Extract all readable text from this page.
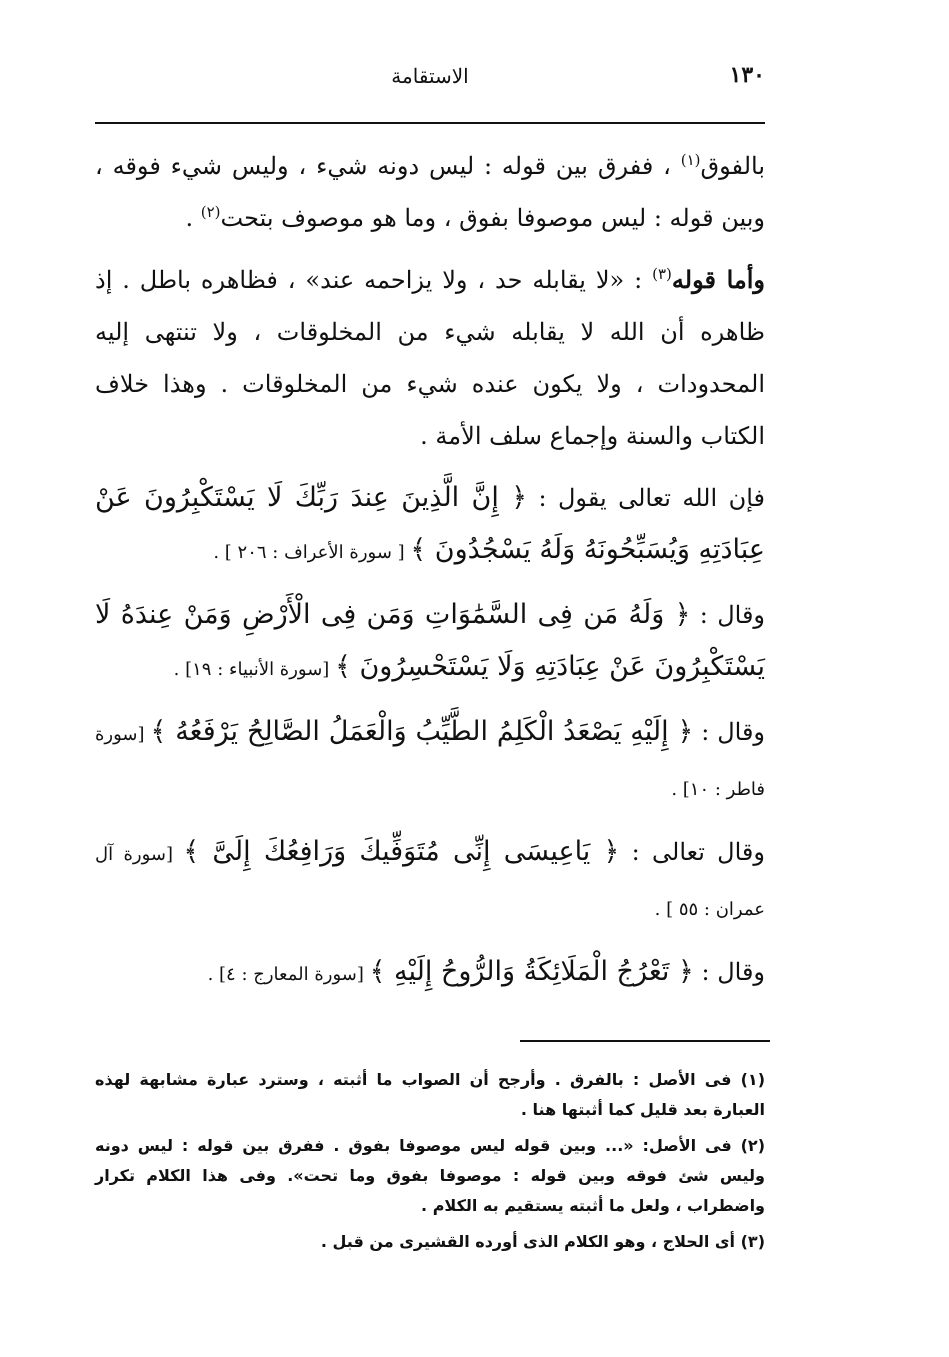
١٣٠
الاستقامة

بالفوق$^{(١)}$ ، ففرق بين قوله : ليس دونه شيء ، وليس شيء فوقه ، وبين قوله : ليس موصوفا بفوق ، وما هو موصوف بتحت$^{(٢)}$ .

وأما قوله$^{(٣)}$ : «لا يقابله حد ، ولا يزاحمه عند» ، فظاهره باطل . إذ ظاهره أن الله لا يقابله شيء من المخلوقات ، ولا تنتهى إليه المحدودات ، ولا يكون عنده شيء من المخلوقات . وهذا خلاف الكتاب والسنة وإجماع سلف الأمة .

فإن الله تعالى يقول : ﴿ إِنَّ الَّذِينَ عِندَ رَبِّكَ لَا يَسْتَكْبِرُونَ عَنْ عِبَادَتِهِ وَيُسَبِّحُونَهُ وَلَهُ يَسْجُدُونَ ﴾ [ سورة الأعراف : ٢٠٦ ] .

وقال : ﴿ وَلَهُ مَن فِى السَّمَٰوَاتِ وَمَن فِى الْأَرْضِ وَمَنْ عِندَهُ لَا يَسْتَكْبِرُونَ عَنْ عِبَادَتِهِ وَلَا يَسْتَحْسِرُونَ ﴾ [سورة الأنبياء : ١٩] .

وقال : ﴿ إِلَيْهِ يَصْعَدُ الْكَلِمُ الطَّيِّبُ وَالْعَمَلُ الصَّالِحُ يَرْفَعُهُ ﴾ [سورة فاطر : ١٠] .

وقال تعالى : ﴿ يَاعِيسَى إِنِّى مُتَوَفِّيكَ وَرَافِعُكَ إِلَىَّ ﴾ [سورة آل عمران : ٥٥ ] .

وقال : ﴿ تَعْرُجُ الْمَلَائِكَةُ وَالرُّوحُ إِلَيْهِ ﴾ [سورة المعارج : ٤] .

(١) فى الأصل : بالفرق . وأرجح أن الصواب ما أثبته ، وسترد عبارة مشابهة لهذه العبارة بعد قليل كما أثبتها هنا .

(٢) فى الأصل: «... وبين قوله ليس موصوفا بفوق . ففرق بين قوله : ليس دونه وليس شئ فوقه وبين قوله : موصوفا بفوق وما تحت». وفى هذا الكلام تكرار واضطراب ، ولعل ما أثبته يستقيم به الكلام .

(٣) أى الحلاج ، وهو الكلام الذى أورده القشيرى من قبل .
